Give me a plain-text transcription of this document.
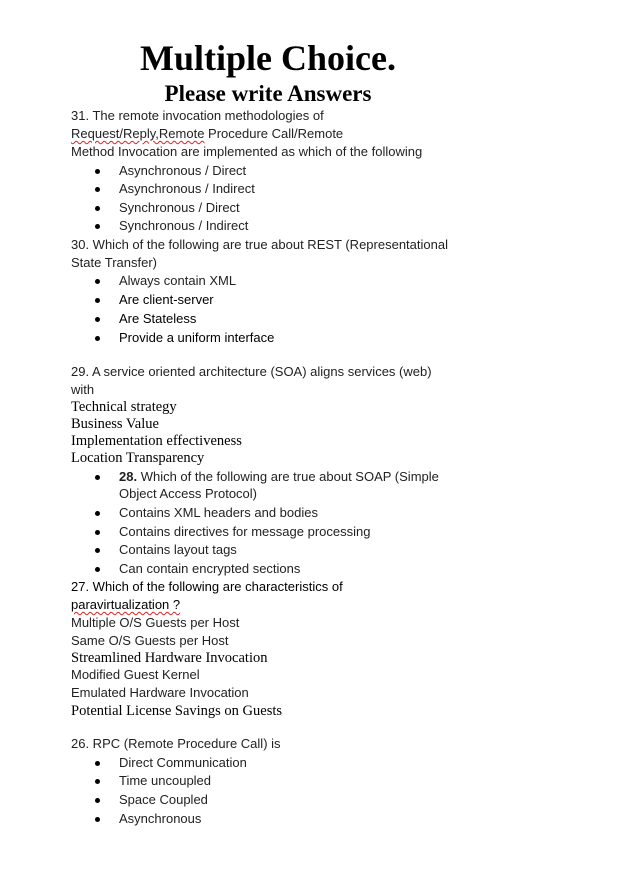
Multiple Choice.
Please write Answers
31. The remote invocation methodologies of
Request/Reply,Remote Procedure Call/Remote
Method Invocation are implemented as which of the following
Asynchronous / Direct
Asynchronous / Indirect
Synchronous / Direct
Synchronous / Indirect
30. Which of the following are true about REST (Representational
State Transfer)
Always contain XML
Are client-server
Are Stateless
Provide a uniform interface
29. A service oriented architecture (SOA) aligns services (web)
with
Technical strategy
Business Value
Implementation effectiveness
Location Transparency
28. Which of the following are true about SOAP (Simple
Object Access Protocol)
Contains XML headers and bodies
Contains directives for message processing
Contains layout tags
Can contain encrypted sections
27. Which of the following are characteristics of
paravirtualization ?
Multiple O/S Guests per Host
Same O/S Guests per Host
Streamlined Hardware Invocation
Modified Guest Kernel
Emulated Hardware Invocation
Potential License Savings on Guests
26. RPC (Remote Procedure Call) is
Direct Communication
Time uncoupled
Space Coupled
Asynchronous
